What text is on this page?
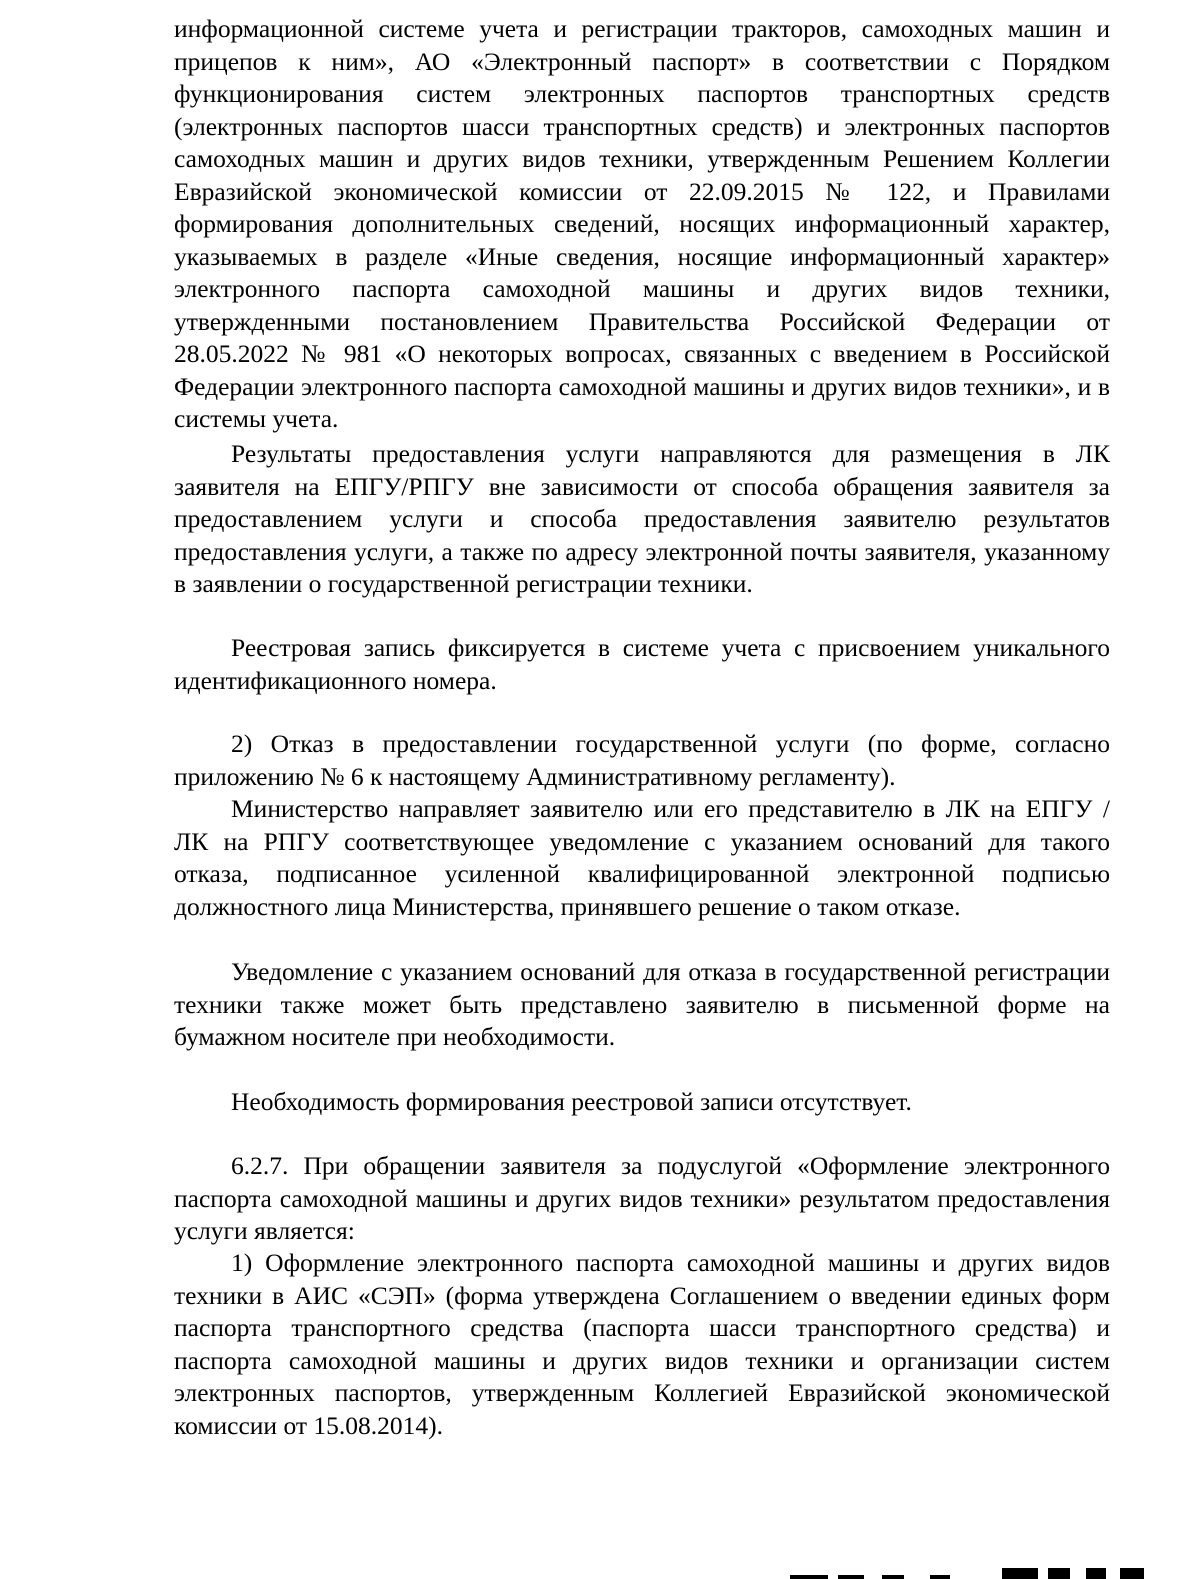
информационной системе учета и регистрации тракторов, самоходных машин и прицепов к ним», АО «Электронный паспорт» в соответствии с Порядком функционирования систем электронных паспортов транспортных средств (электронных паспортов шасси транспортных средств) и электронных паспортов самоходных машин и других видов техники, утвержденным Решением Коллегии Евразийской экономической комиссии от 22.09.2015 № 122, и Правилами формирования дополнительных сведений, носящих информационный характер, указываемых в разделе «Иные сведения, носящие информационный характер» электронного паспорта самоходной машины и других видов техники, утвержденными постановлением Правительства Российской Федерации от 28.05.2022 № 981 «О некоторых вопросах, связанных с введением в Российской Федерации электронного паспорта самоходной машины и других видов техники», и в системы учета.

Результаты предоставления услуги направляются для размещения в ЛК заявителя на ЕПГУ/РПГУ вне зависимости от способа обращения заявителя за предоставлением услуги и способа предоставления заявителю результатов предоставления услуги, а также по адресу электронной почты заявителя, указанному в заявлении о государственной регистрации техники.

Реестровая запись фиксируется в системе учета с присвоением уникального идентификационного номера.

2) Отказ в предоставлении государственной услуги (по форме, согласно приложению № 6 к настоящему Административному регламенту).

Министерство направляет заявителю или его представителю в ЛК на ЕПГУ / ЛК на РПГУ соответствующее уведомление с указанием оснований для такого отказа, подписанное усиленной квалифицированной электронной подписью должностного лица Министерства, принявшего решение о таком отказе.

Уведомление с указанием оснований для отказа в государственной регистрации техники также может быть представлено заявителю в письменной форме на бумажном носителе при необходимости.

Необходимость формирования реестровой записи отсутствует.

6.2.7. При обращении заявителя за подуслугой «Оформление электронного паспорта самоходной машины и других видов техники» результатом предоставления услуги является:

1) Оформление электронного паспорта самоходной машины и других видов техники в АИС «СЭП» (форма утверждена Соглашением о введении единых форм паспорта транспортного средства (паспорта шасси транспортного средства) и паспорта самоходной машины и других видов техники и организации систем электронных паспортов, утвержденным Коллегией Евразийской экономической комиссии от 15.08.2014).
